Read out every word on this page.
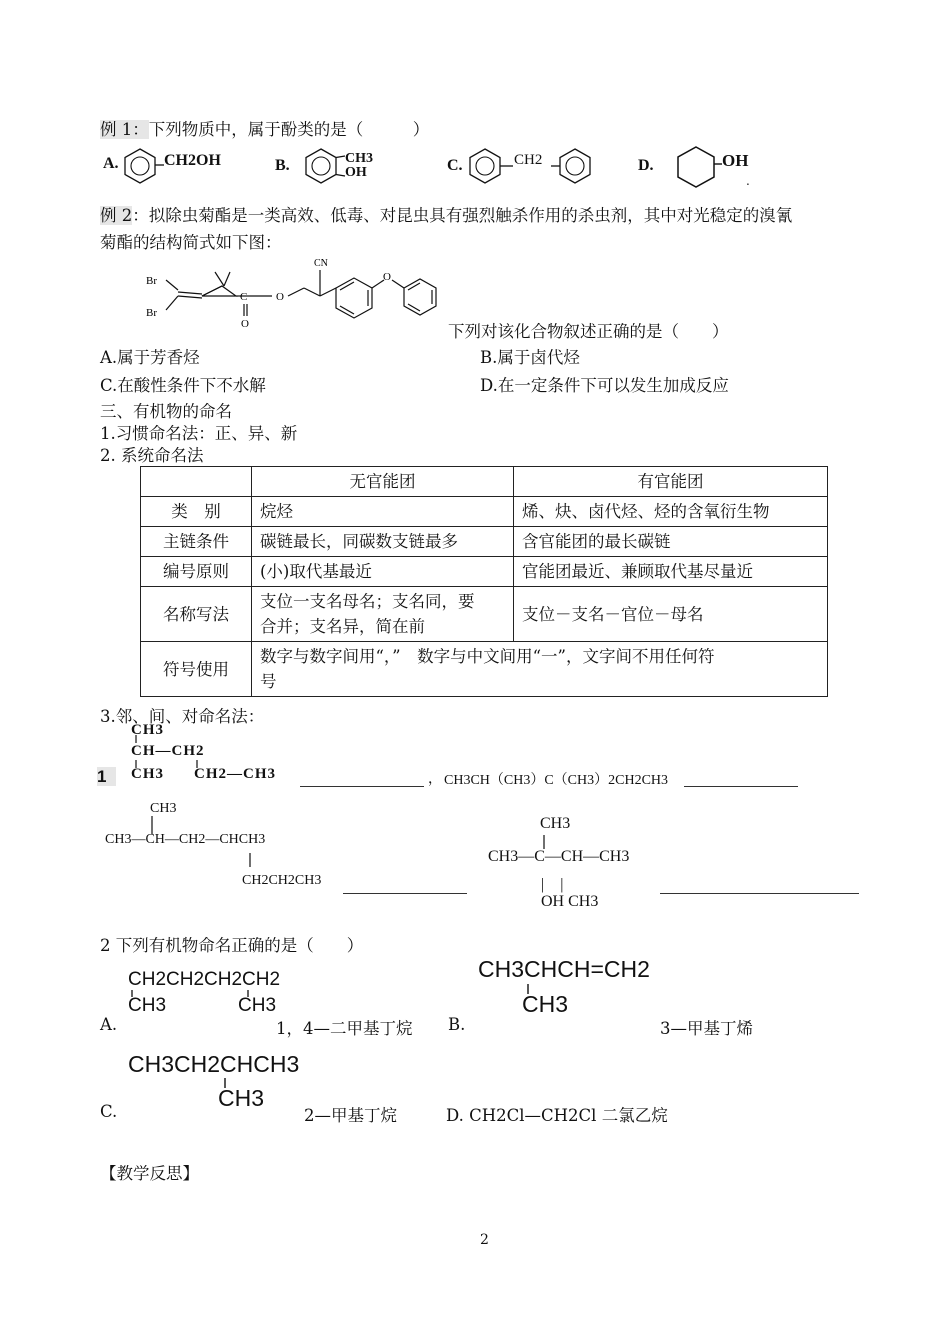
例 1：下列物质中，属于酚类的是（　　　）
A.	CH2OH	B.	CH3
OH	C.	CH2	D.	OH
.
例 2：拟除虫菊酯是一类高效、低毒、对昆虫具有强烈触杀作用的杀虫剂，其中对光稳定的溴氰
菊酯的结构简式如下图：
Br
Br
C
O
O
CN
O
下列对该化合物叙述正确的是（　　）
A.属于芳香烃	B.属于卤代烃
C.在酸性条件下不水解	D.在一定条件下可以发生加成反应
三、有机物的命名
1.习惯命名法：正、异、新
2. 系统命名法
	无官能团	有官能团
类　别	烷烃	烯、炔、卤代烃、烃的含氧衍生物
主链条件	碳链最长，同碳数支链最多	含官能团的最长碳链
编号原则	(小)取代基最近	官能团最近、兼顾取代基尽量近
名称写法	支位一支名母名；支名同，要
合并；支名异，简在前	支位－支名－官位－母名
符号使用	数字与数字间用“，”　数字与中文间用“一”，文字间不用任何符
号	
3.邻、间、对命名法：
CH3
CH—CH2
1	CH3 CH2—CH3	， CH3CH（CH3）C（CH3）2CH2CH3
CH3
CH3—CH—CH2—CHCH3
CH2CH2CH3
CH3
CH3—C—CH—CH3
|　|
OH CH3
2 下列有机物命名正确的是（　　）
CH2CH2CH2CH2
CH3	CH3
A.	1，4—二甲基丁烷
CH3CHCH=CH2
CH3
B.	3—甲基丁烯
CH3CH2CHCH3
CH3
C.	2—甲基丁烷	D. CH2Cl—CH2Cl 二氯乙烷
【教学反思】
2
